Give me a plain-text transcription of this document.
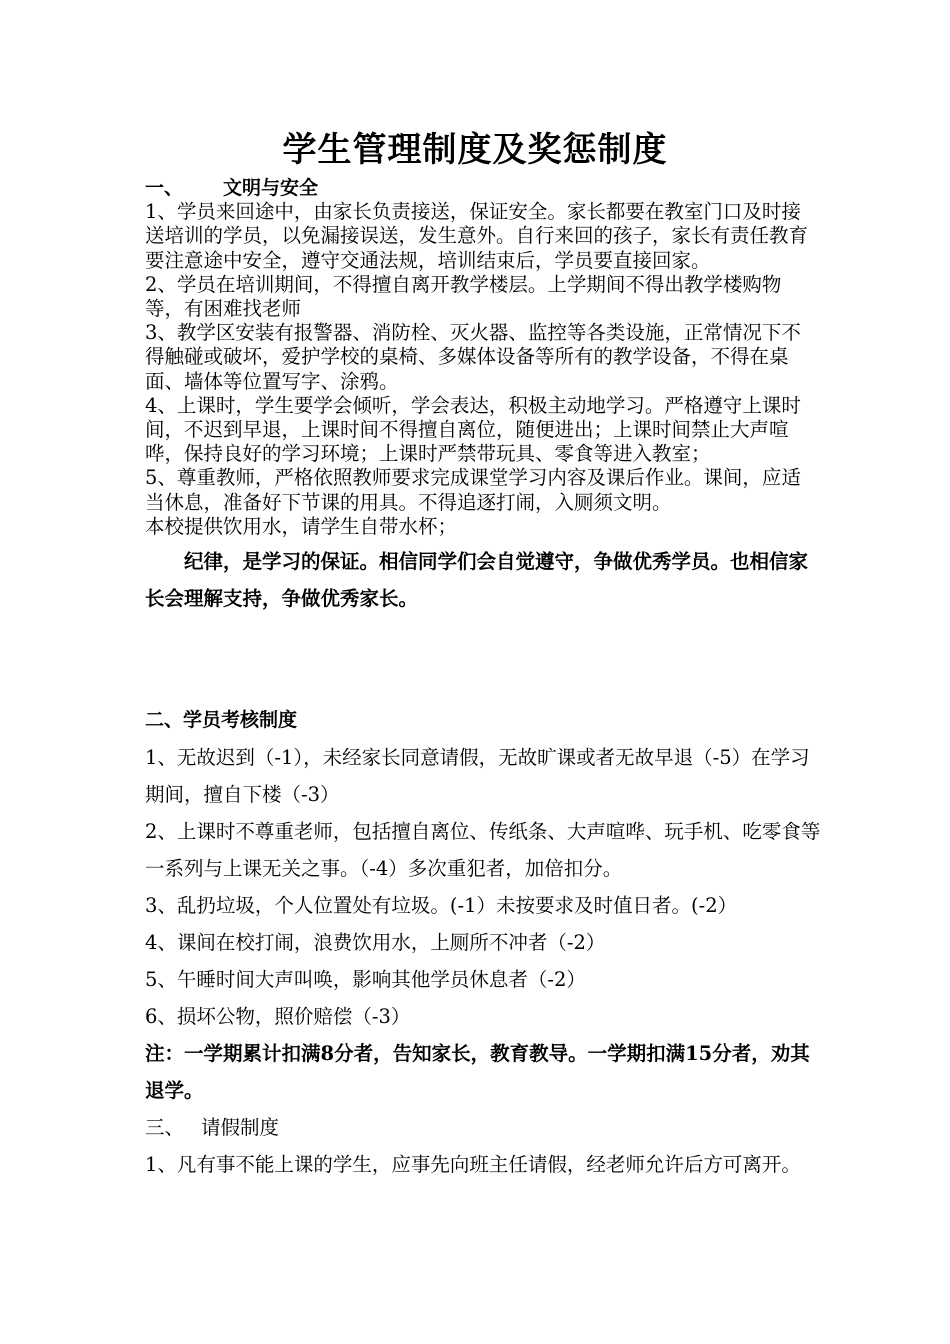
学生管理制度及奖惩制度

一、 文明与安全

1、学员来回途中，由家长负责接送，保证安全。家长都要在教室门口及时接送培训的学员，以免漏接误送，发生意外。自行来回的孩子，家长有责任教育要注意途中安全，遵守交通法规，培训结束后，学员要直接回家。

2、学员在培训期间，不得擅自离开教学楼层。上学期间不得出教学楼购物等，有困难找老师

3、教学区安装有报警器、消防栓、灭火器、监控等各类设施，正常情况下不得触碰或破坏，爱护学校的桌椅、多媒体设备等所有的教学设备，不得在桌面、墙体等位置写字、涂鸦。

4、上课时，学生要学会倾听，学会表达，积极主动地学习。严格遵守上课时间，不迟到早退，上课时间不得擅自离位，随便进出；上课时间禁止大声喧哗，保持良好的学习环境；上课时严禁带玩具、零食等进入教室；

5、尊重教师，严格依照教师要求完成课堂学习内容及课后作业。课间，应适当休息，准备好下节课的用具。不得追逐打闹，入厕须文明。

本校提供饮用水，请学生自带水杯；

纪律，是学习的保证。相信同学们会自觉遵守，争做优秀学员。也相信家长会理解支持，争做优秀家长。

二、学员考核制度

1、无故迟到（-1），未经家长同意请假，无故旷课或者无故早退（-5）在学习期间，擅自下楼（-3）

2、上课时不尊重老师，包括擅自离位、传纸条、大声喧哗、玩手机、吃零食等一系列与上课无关之事。（-4）多次重犯者，加倍扣分。

3、乱扔垃圾，个人位置处有垃圾。(-1）未按要求及时值日者。(-2）

4、课间在校打闹，浪费饮用水，上厕所不冲者（-2）

5、午睡时间大声叫唤，影响其他学员休息者（-2）

6、损坏公物，照价赔偿（-3）

注：一学期累计扣满8分者，告知家长，教育教导。一学期扣满15分者，劝其退学。

三、 请假制度

1、凡有事不能上课的学生，应事先向班主任请假，经老师允许后方可离开。
